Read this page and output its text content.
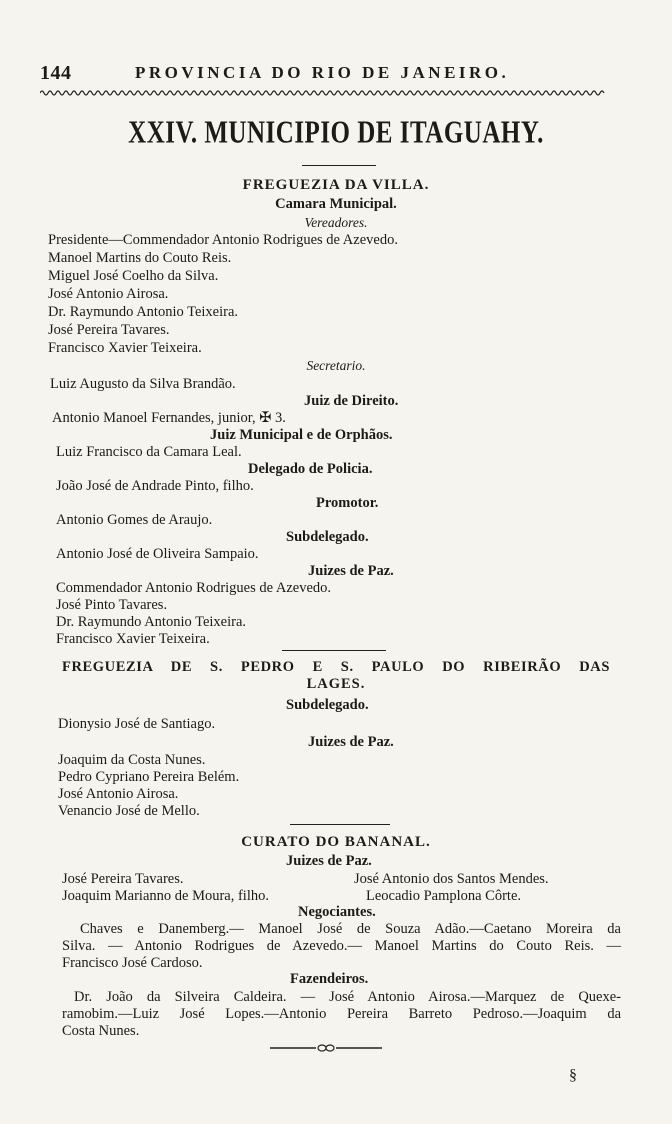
144	PROVINCIA DO RIO DE JANEIRO.
XXIV. MUNICIPIO DE ITAGUAHY.
FREGUEZIA DA VILLA.
Camara Municipal.
Vereadores.
Presidente—Commendador Antonio Rodrigues de Azevedo.
Manoel Martins do Couto Reis.
Miguel José Coelho da Silva.
José Antonio Airosa.
Dr. Raymundo Antonio Teixeira.
José Pereira Tavares.
Francisco Xavier Teixeira.
Secretario.
Luiz Augusto da Silva Brandão.
Juiz de Direito.
Antonio Manoel Fernandes, junior, ✠ 3.
Juiz Municipal e de Orphãos.
Luiz Francisco da Camara Leal.
Delegado de Policia.
João José de Andrade Pinto, filho.
Promotor.
Antonio Gomes de Araujo.
Subdelegado.
Antonio José de Oliveira Sampaio.
Juizes de Paz.
Commendador Antonio Rodrigues de Azevedo.
José Pinto Tavares.
Dr. Raymundo Antonio Teixeira.
Francisco Xavier Teixeira.
FREGUEZIA DE S. PEDRO E S. PAULO DO RIBEIRÃO DAS
LAGES.
Subdelegado.
Dionysio José de Santiago.
Juizes de Paz.
Joaquim da Costa Nunes.
Pedro Cypriano Pereira Belém.
José Antonio Airosa.
Venancio José de Mello.
CURATO DO BANANAL.
Juizes de Paz.
José Pereira Tavares.	José Antonio dos Santos Mendes.
Joaquim Marianno de Moura, filho.	Leocadio Pamplona Côrte.
Negociantes.
Chaves e Danemberg.— Manoel José de Souza Adão.—Caetano Moreira da
Silva. — Antonio Rodrigues de Azevedo.— Manoel Martins do Couto Reis. —
Francisco José Cardoso.
Fazendeiros.
Dr. João da Silveira Caldeira. — José Antonio Airosa.—Marquez de Quexe-
ramobim.—Luiz José Lopes.—Antonio Pereira Barreto Pedroso.—Joaquim da
Costa Nunes.
§
